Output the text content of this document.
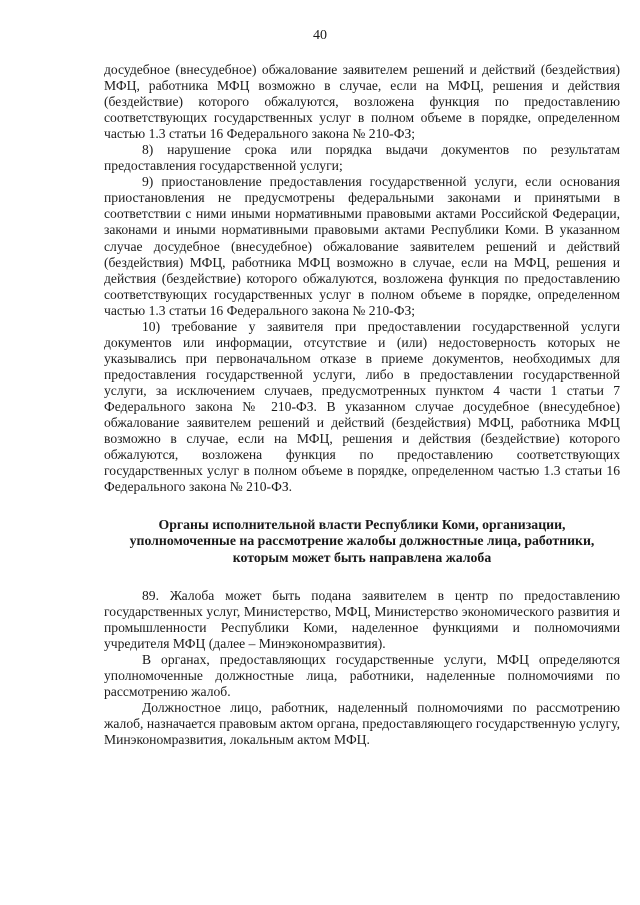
40

досудебное (внесудебное) обжалование заявителем решений и действий (бездействия) МФЦ, работника МФЦ возможно в случае, если на МФЦ, решения и действия (бездействие) которого обжалуются, возложена функция по предоставлению соответствующих государственных услуг в полном объеме в порядке, определенном частью 1.3 статьи 16 Федерального закона № 210-ФЗ;

8) нарушение срока или порядка выдачи документов по результатам предоставления государственной услуги;

9) приостановление предоставления государственной услуги, если основания приостановления не предусмотрены федеральными законами и принятыми в соответствии с ними иными нормативными правовыми актами Российской Федерации, законами и иными нормативными правовыми актами Республики Коми. В указанном случае досудебное (внесудебное) обжалование заявителем решений и действий (бездействия) МФЦ, работника МФЦ возможно в случае, если на МФЦ, решения и действия (бездействие) которого обжалуются, возложена функция по предоставлению соответствующих государственных услуг в полном объеме в порядке, определенном частью 1.3 статьи 16 Федерального закона № 210-ФЗ;

10) требование у заявителя при предоставлении государственной услуги документов или информации, отсутствие и (или) недостоверность которых не указывались при первоначальном отказе в приеме документов, необходимых для предоставления государственной услуги, либо в предоставлении государственной услуги, за исключением случаев, предусмотренных пунктом 4 части 1 статьи 7 Федерального закона № 210-ФЗ. В указанном случае досудебное (внесудебное) обжалование заявителем решений и действий (бездействия) МФЦ, работника МФЦ возможно в случае, если на МФЦ, решения и действия (бездействие) которого обжалуются, возложена функция по предоставлению соответствующих государственных услуг в полном объеме в порядке, определенном частью 1.3 статьи 16 Федерального закона № 210-ФЗ.

Органы исполнительной власти Республики Коми, организации, уполномоченные на рассмотрение жалобы должностные лица, работники, которым может быть направлена жалоба

89. Жалоба может быть подана заявителем в центр по предоставлению государственных услуг, Министерство, МФЦ, Министерство экономического развития и промышленности Республики Коми, наделенное функциями и полномочиями учредителя МФЦ (далее – Минэкономразвития).

В органах, предоставляющих государственные услуги, МФЦ определяются уполномоченные должностные лица, работники, наделенные полномочиями по рассмотрению жалоб.

Должностное лицо, работник, наделенный полномочиями по рассмотрению жалоб, назначается правовым актом органа, предоставляющего государственную услугу, Минэкономразвития, локальным актом МФЦ.
